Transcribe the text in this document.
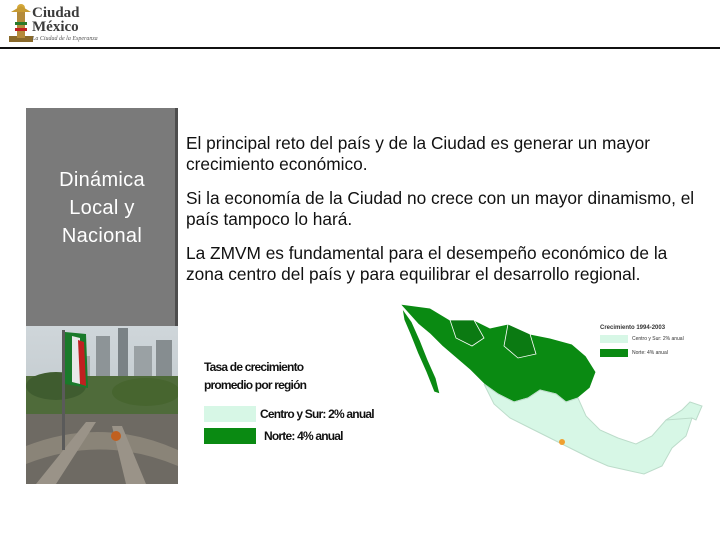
Ciudad
México
La Ciudad de la Esperanza
Dinámica
Local y
Nacional

El principal reto del país y de la Ciudad es generar un mayor crecimiento económico.

Si la economía de la Ciudad no crece con un mayor dinamismo, el país tampoco lo hará.

La ZMVM es fundamental para el desempeño económico de la zona centro del país y para equilibrar el desarrollo regional.

Crecimiento 1994-2003
Centro y Sur: 2% anual
Norte: 4% anual
Tasa de crecimiento
promedio por región
Centro y Sur: 2% anual
Norte: 4% anual
